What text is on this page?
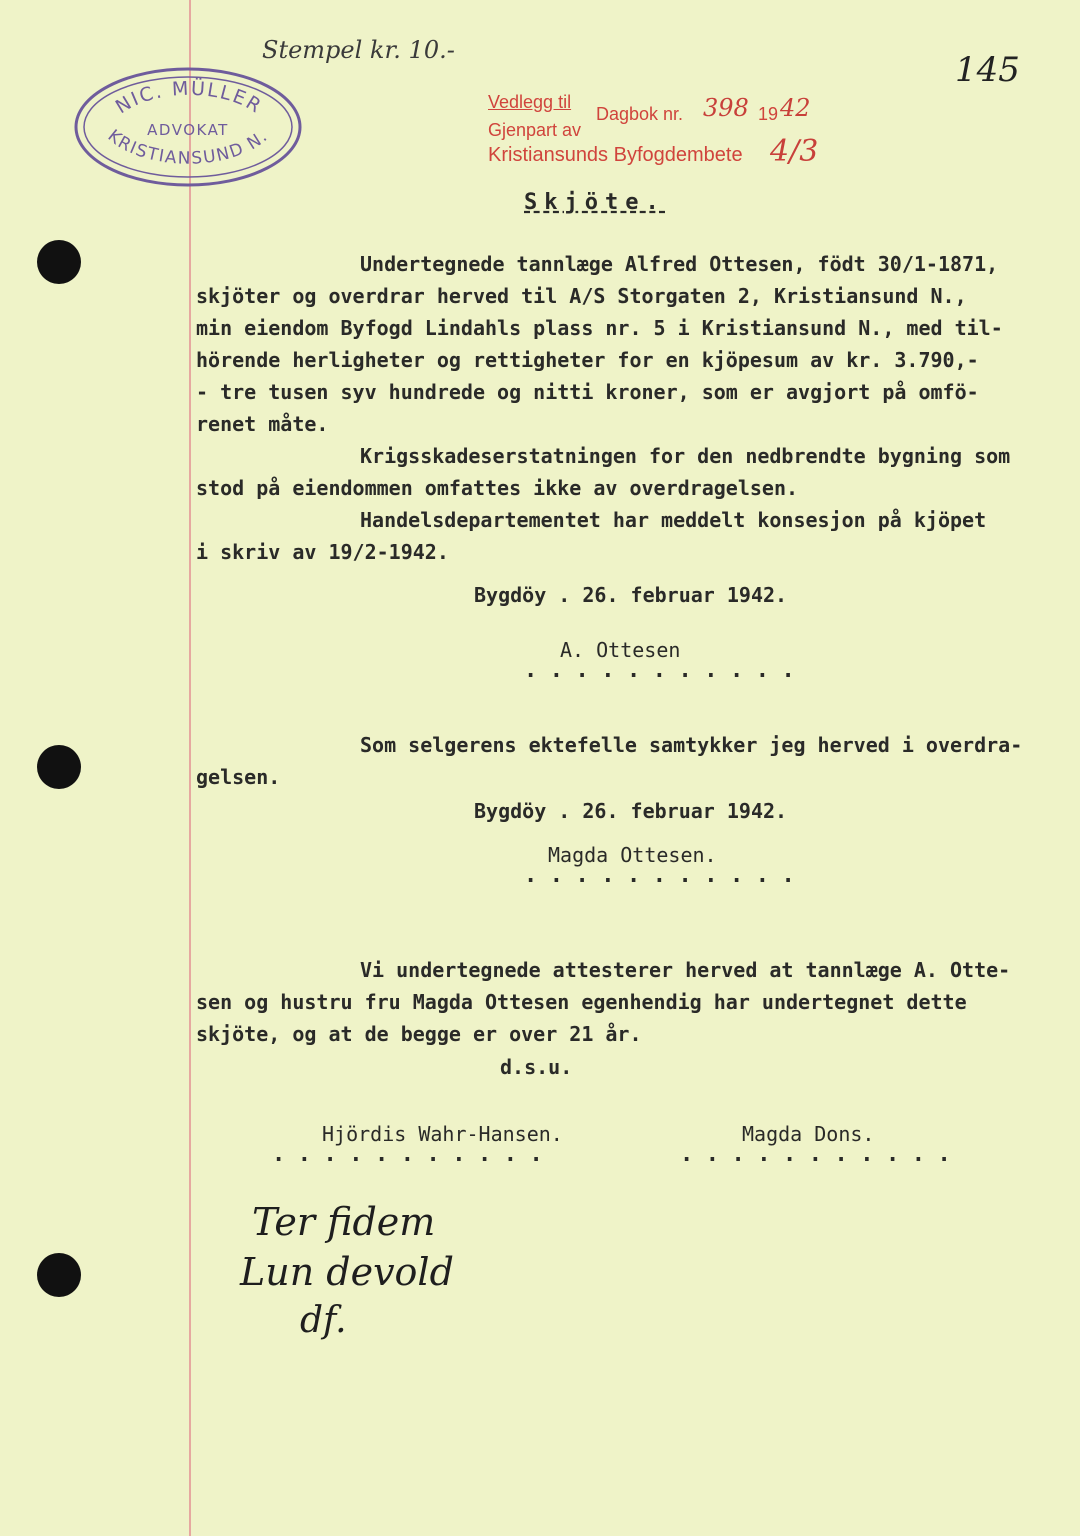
Stempel kr. 10.-	145
NIC. MÜLLER
ADVOKAT
KRISTIANSUND N.
Vedlegg til
Dagbok nr. 398 19 42
Gjenpart av
Kristiansunds Byfogdembete 4/3
Skjöte.
Undertegnede tannlæge Alfred Ottesen, födt 30/1-1871,
skjöter og overdrar herved til A/S Storgaten 2, Kristiansund N.,
min eiendom Byfogd Lindahls plass nr. 5 i Kristiansund N., med til-
hörende herligheter og rettigheter for en kjöpesum av kr. 3.790,-
- tre tusen syv hundrede og nitti kroner, som er avgjort på omfö-
renet måte.
Krigsskadeserstatningen for den nedbrendte bygning som
stod på eiendommen omfattes ikke av overdragelsen.
Handelsdepartementet har meddelt konsesjon på kjöpet
i skriv av 19/2-1942.
Bygdöy . 26. februar 1942.
A. Ottesen
...........
Som selgerens ektefelle samtykker jeg herved i overdra-
gelsen.
Bygdöy . 26. februar 1942.
Magda Ottesen.
...........
Vi undertegnede attesterer herved at tannlæge A. Otte-
sen og hustru fru Magda Ottesen egenhendig har undertegnet dette
skjöte, og at de begge er over 21 år.
d.s.u.
Hjördis Wahr-Hansen.
...........
Magda Dons.
...........
Ter fidem
Lun devold
df.
